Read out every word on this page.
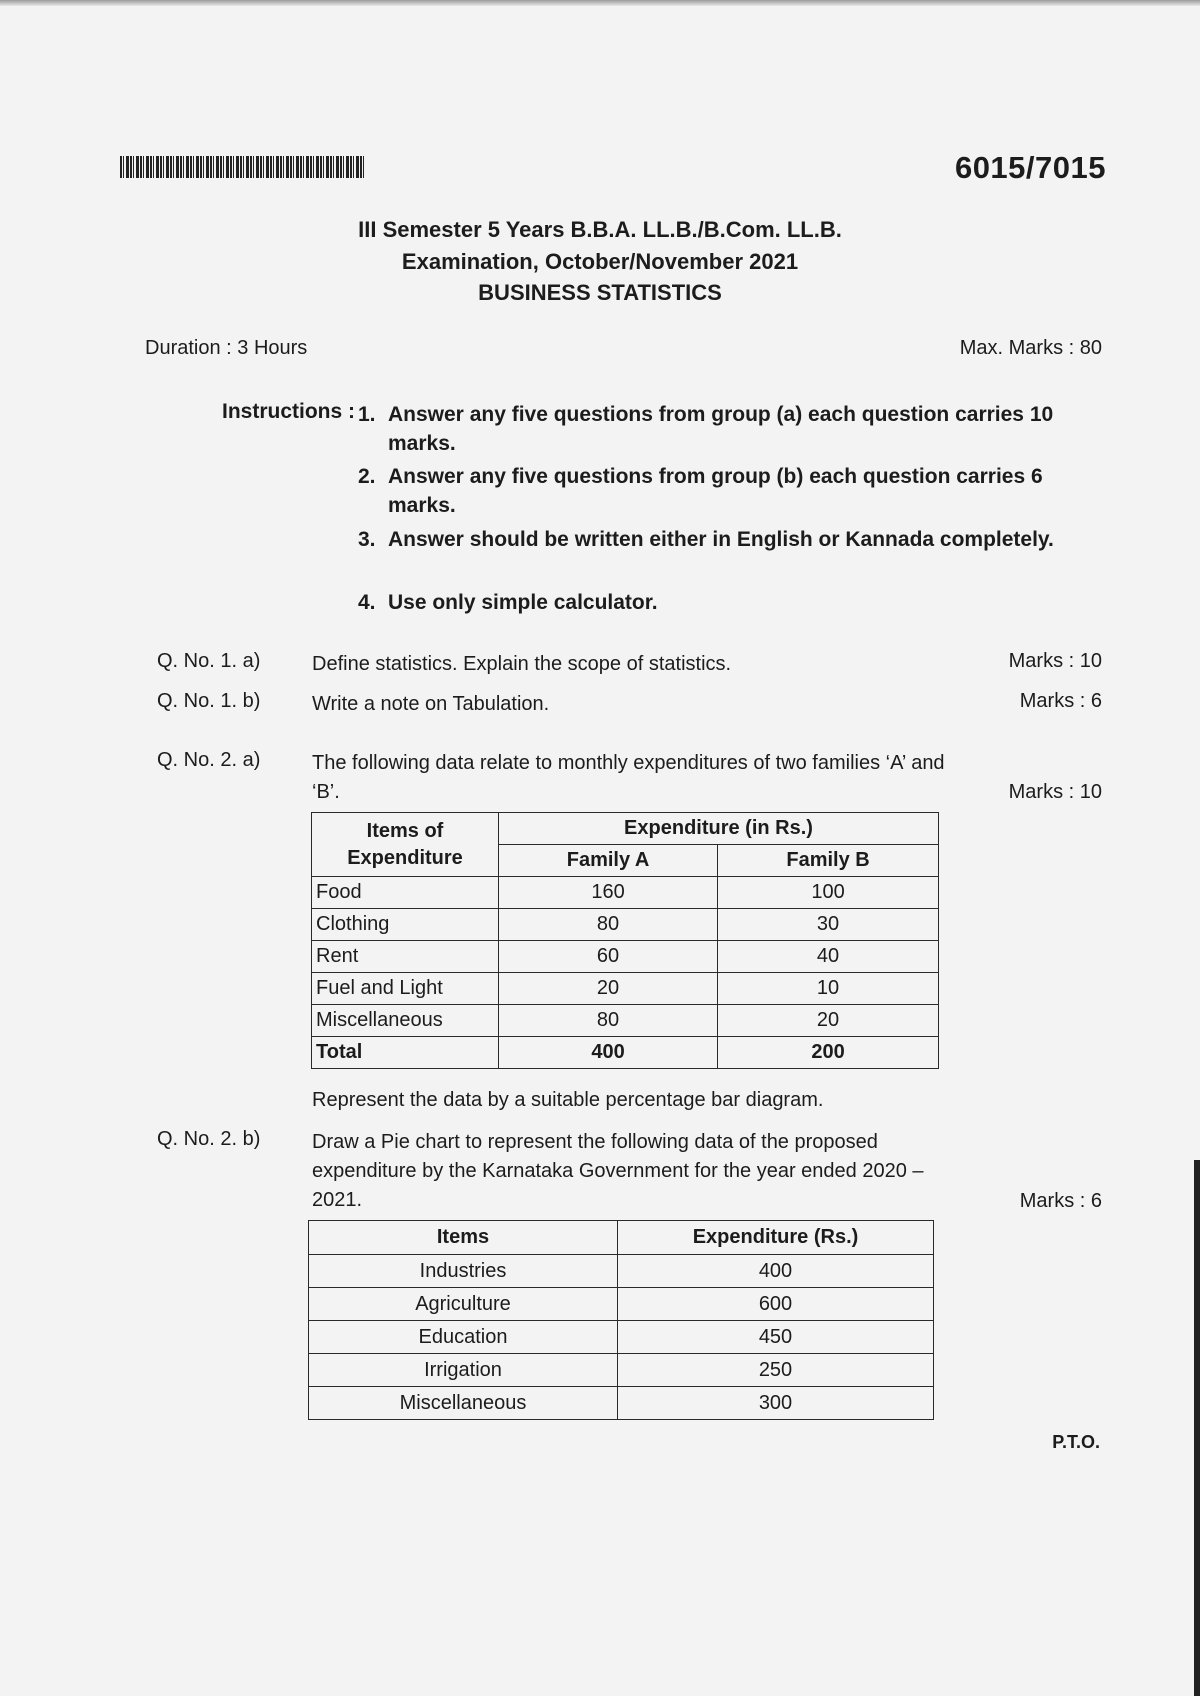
6015/7015
III Semester 5 Years B.B.A. LL.B./B.Com. LL.B.
Examination, October/November 2021
BUSINESS STATISTICS
Duration : 3 Hours	Max. Marks : 80
Instructions : 1. Answer any five questions from group (a) each question carries 10 marks.
2. Answer any five questions from group (b) each question carries 6 marks.
3. Answer should be written either in English or Kannada completely.
4. Use only simple calculator.
Q. No. 1. a)	Define statistics. Explain the scope of statistics.	Marks : 10
Q. No. 1. b)	Write a note on Tabulation.	Marks : 6
Q. No. 2. a)	The following data relate to monthly expenditures of two families ‘A’ and ‘B’.	Marks : 10
Items of Expenditure	Expenditure (in Rs.)	
	Family A	Family B
Food	160	100
Clothing	80	30
Rent	60	40
Fuel and Light	20	10
Miscellaneous	80	20
Total	400	200
Represent the data by a suitable percentage bar diagram.
Q. No. 2. b)	Draw a Pie chart to represent the following data of the proposed expenditure by the Karnataka Government for the year ended 2020 – 2021.	Marks : 6
Items	Expenditure (Rs.)
Industries	400
Agriculture	600
Education	450
Irrigation	250
Miscellaneous	300
P.T.O.
